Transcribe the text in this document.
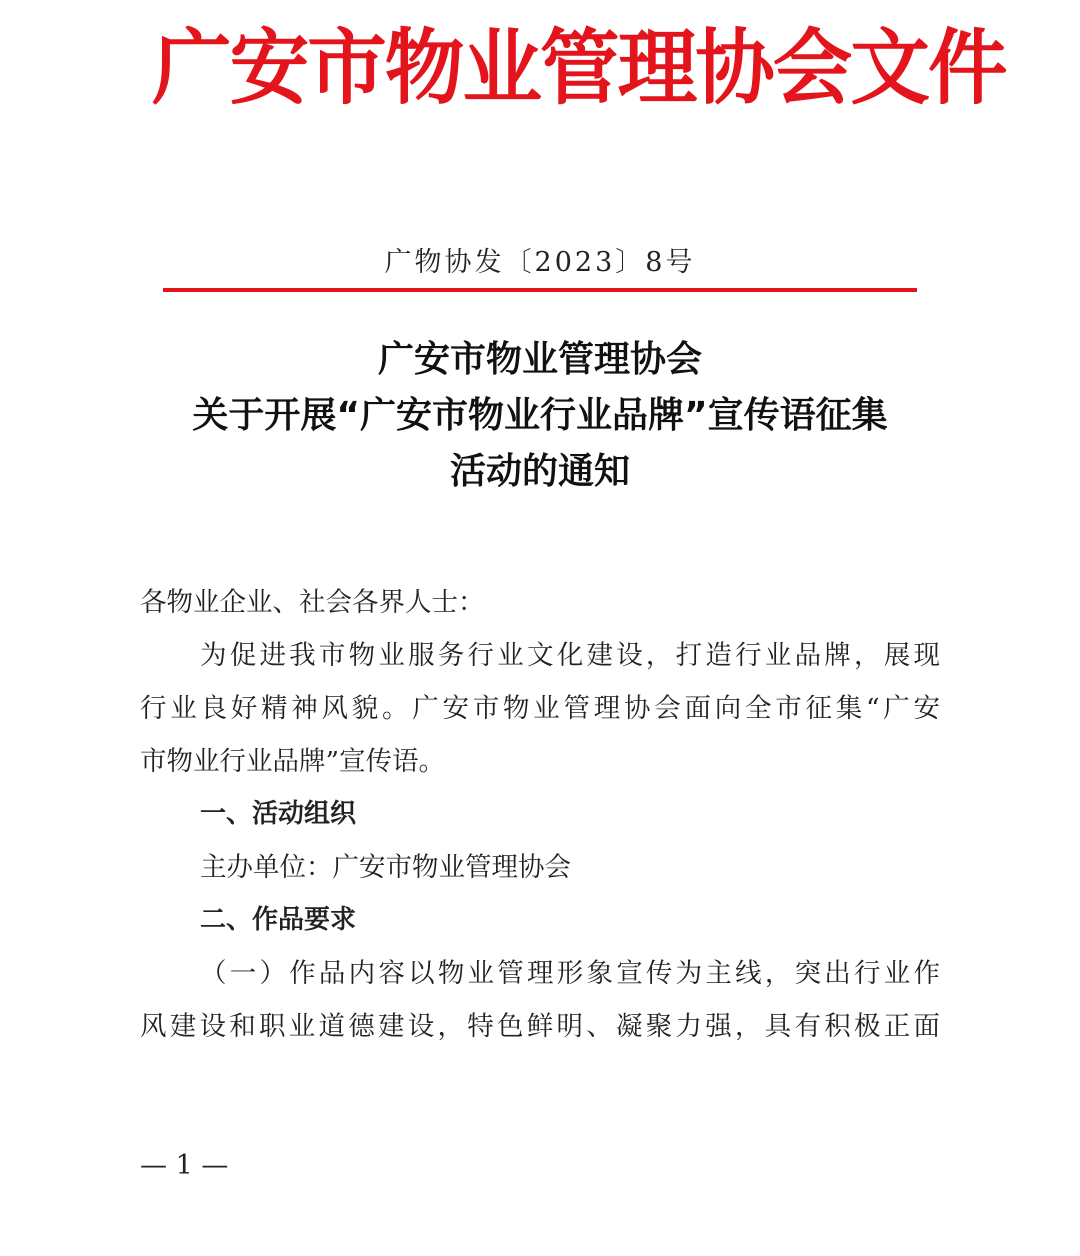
广安市物业管理协会文件
广物协发〔2023〕8号
广安市物业管理协会
关于开展“广安市物业行业品牌”宣传语征集
活动的通知
各物业企业、社会各界人士：
为促进我市物业服务行业文化建设，打造行业品牌，展现
行业良好精神风貌。广安市物业管理协会面向全市征集“广安
市物业行业品牌”宣传语。
一、活动组织
主办单位：广安市物业管理协会
二、作品要求
（一）作品内容以物业管理形象宣传为主线，突出行业作
风建设和职业道德建设，特色鲜明、凝聚力强，具有积极正面
— 1 —
